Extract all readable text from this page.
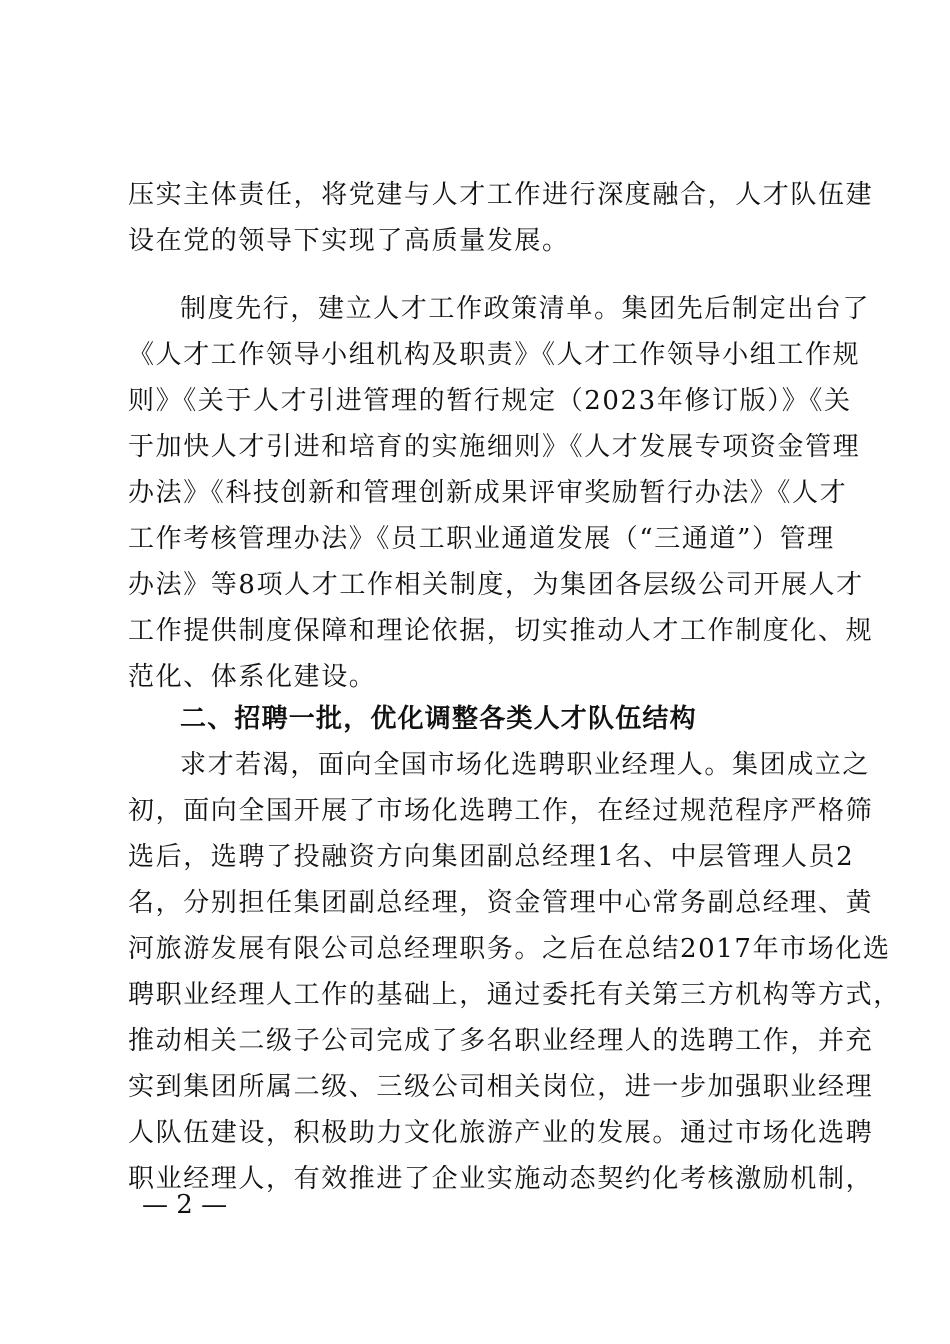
压实主体责任，将党建与人才工作进行深度融合，人才队伍建
设在党的领导下实现了高质量发展。
制度先行，建立人才工作政策清单。集团先后制定出台了
《人才工作领导小组机构及职责》《人才工作领导小组工作规
则》《关于人才引进管理的暂行规定（2023年修订版）》《关
于加快人才引进和培育的实施细则》《人才发展专项资金管理
办法》《科技创新和管理创新成果评审奖励暂行办法》《人才
工作考核管理办法》《员工职业通道发展（“三通道”）管理
办法》等8项人才工作相关制度，为集团各层级公司开展人才
工作提供制度保障和理论依据，切实推动人才工作制度化、规
范化、体系化建设。
二、招聘一批，优化调整各类人才队伍结构
求才若渴，面向全国市场化选聘职业经理人。集团成立之
初，面向全国开展了市场化选聘工作，在经过规范程序严格筛
选后，选聘了投融资方向集团副总经理1名、中层管理人员2
名，分别担任集团副总经理，资金管理中心常务副总经理、黄
河旅游发展有限公司总经理职务。之后在总结2017年市场化选
聘职业经理人工作的基础上，通过委托有关第三方机构等方式，
推动相关二级子公司完成了多名职业经理人的选聘工作，并充
实到集团所属二级、三级公司相关岗位，进一步加强职业经理
人队伍建设，积极助力文化旅游产业的发展。通过市场化选聘
职业经理人，有效推进了企业实施动态契约化考核激励机制，
— 2 —
